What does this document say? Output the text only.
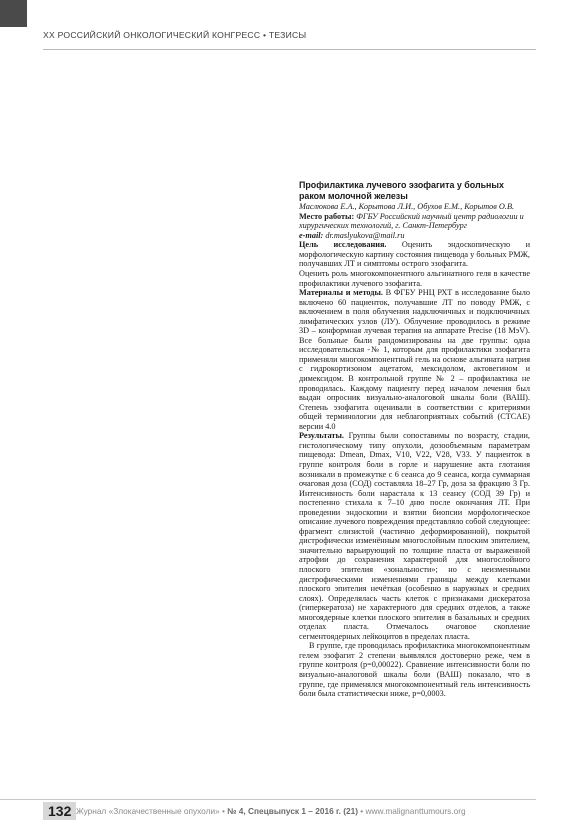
XX РОССИЙСКИЙ ОНКОЛОГИЧЕСКИЙ КОНГРЕСС • ТЕЗИСЫ
Профилактика лучевого эзофагита у больных раком молочной железы
Маслюкова Е.А., Корытова Л.И., Обухов Е.М., Корытов О.В.
Место работы: ФГБУ Российский научный центр радиологии и хирургических технологий, г. Санкт-Петербург
e-mail: dr.maslyukova@mail.ru

Цель исследования. Оценить эндоскопическую и морфологическую картину состояния пищевода у больных РМЖ, получавших ЛТ и симптомы острого эзофагита.

Оценить роль многокомпонентного альгинатного геля в качестве профилактики лучевого эзофагита.

Материалы и методы. В ФГБУ РНЦ РХТ в исследование было включено 60 пациенток, получавшие ЛТ по поводу РМЖ, с включением в поля облучения надключичных и подключичных лимфатических узлов (ЛУ). Облучение проводилось в режиме 3D – конформная лучевая терапия на аппарате Precise (18 MэV). Все больные были рандомизированы на две группы: одна исследовательская -№ 1, которым для профилактики эзофагита применяли многокомпонентный гель на основе альгината натрия с гидрокортизоном ацетатом, мексидолом, актовегином и димексидом. В контрольной группе № 2 – профилактика не проводилась. Каждому пациенту перед началом лечения был выдан опросник визуально-аналоговой шкалы боли (ВАШ). Степень эзофагита оценивали в соответствии с критериями общей терминологии для неблагоприятных событий (CTCAE) версии 4.0

Результаты. Группы были сопоставимы по возрасту, стадии, гистологическому типу опухоли, дозообъемным параметрам пищевода: Dmean, Dmax, V10, V22, V28, V33. У пациенток в группе контроля боли в горле и нарушение акта глотания возникали в промежутке с 6 сеанса до 9 сеанса, когда суммарная очаговая доза (СОД) составляла 18–27 Гр, доза за фракцию 3 Гр. Интенсивность боли нарастала к 13 сеансу (СОД 39 Гр) и постепенно стихала к 7–10 дню после окончания ЛТ. При проведении эндоскопии и взятии биопсии морфологическое описание лучевого повреждения представляло собой следующее: фрагмент слизистой (частично деформированной), покрытой дистрофически изменённым многослойным плоским эпителием, значительно варьирующий по толщине пласта от выраженной атрофии до сохранения характерной для многослойного плоского эпителия «зональности»; но с неизменными дистрофическими изменениями границы между клетками плоского эпителия нечёткая (особенно в наружных и средних слоях). Определялась часть клеток с признаками дискератоза (гиперкератоза) не характерного для средних отделов, а также многоядерные клетки плоского эпителия в базальных и средних отделах пласта. Отмечалось очаговое скопление сегментоядерных лейкоцитов в пределах пласта.

В группе, где проводилась профилактика многокомпонентным гелем эзофагит 2 степени выявлялся достоверно реже, чем в группе контроля (p=0,00022). Сравнение интенсивности боли по визуально-аналоговой шкалы боли (ВАШ) показало, что в группе, где применялся многокомпонентный гель интенсивность боли была статистически ниже, p=0,0003.

132 Журнал «Злокачественные опухоли» • № 4, Спецвыпуск 1 – 2016 г. (21) • www.malignanttumours.org
